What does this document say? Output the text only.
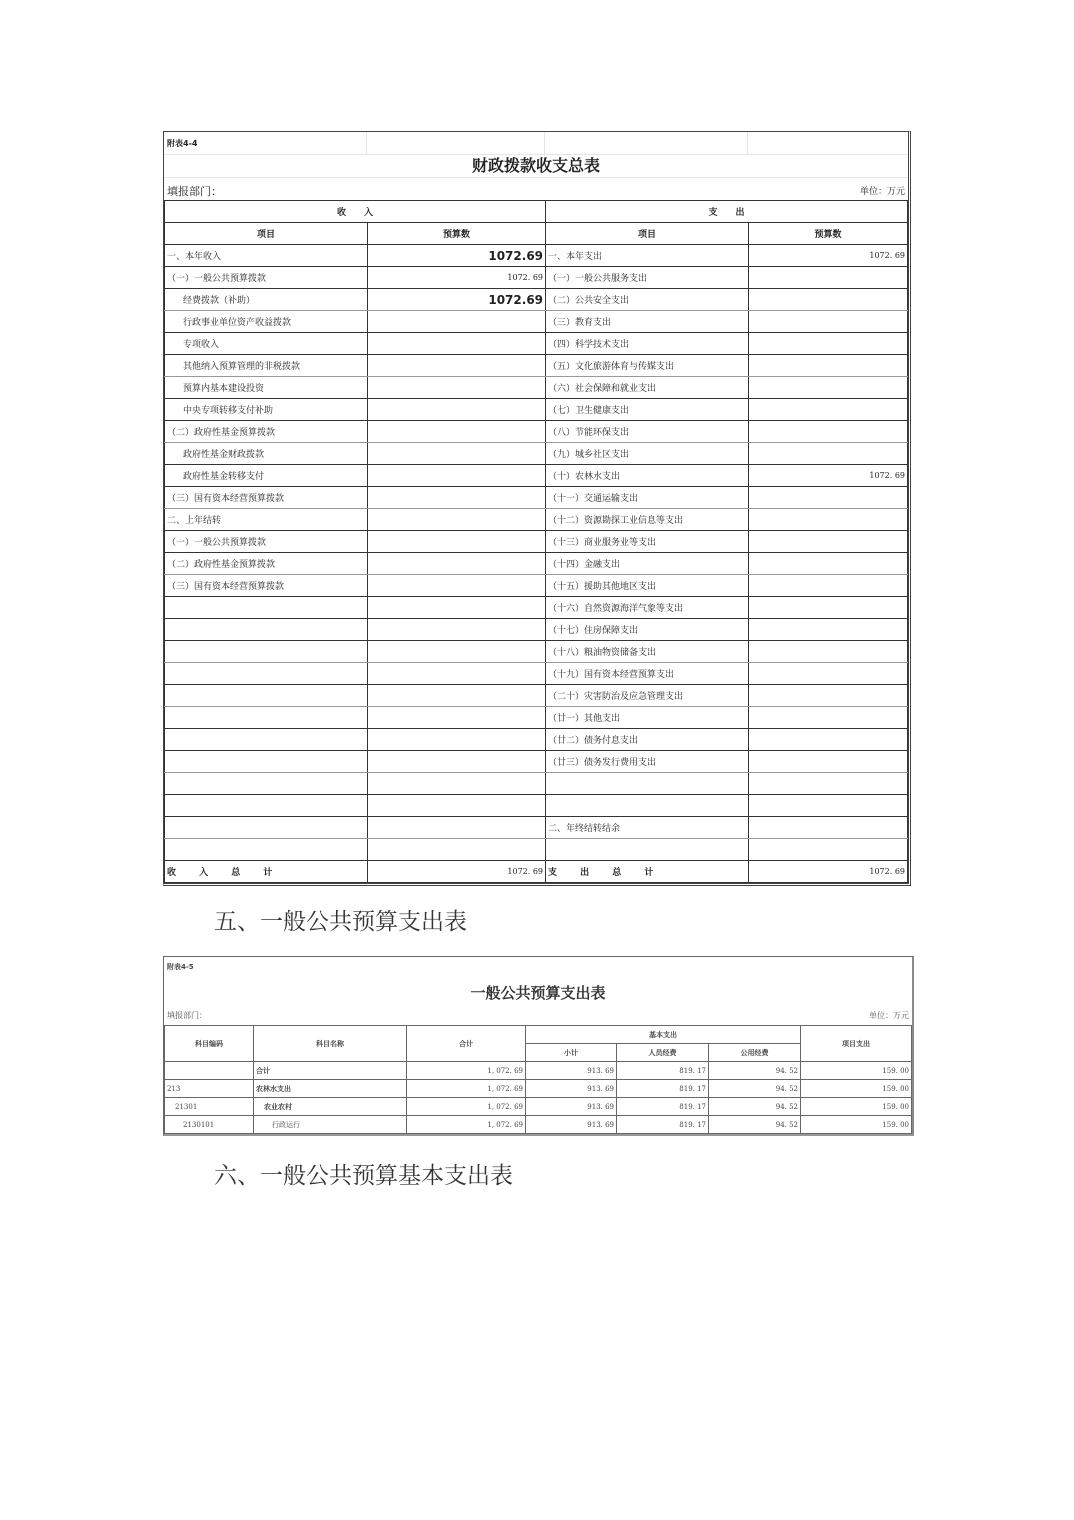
附表4-4
财政拨款收支总表
填报部门：	单位：万元
收　　入		支　　出	
项目	预算数	项目	预算数
一、本年收入	1072.69	一、本年支出	1072. 69
（一）一般公共预算拨款	1072. 69	（一）一般公共服务支出	
经费拨款（补助）	1072.69	（二）公共安全支出	
行政事业单位资产收益拨款		（三）教育支出	
专项收入		（四）科学技术支出	
其他纳入预算管理的非税拨款		（五）文化旅游体育与传媒支出	
预算内基本建设投资		（六）社会保障和就业支出	
中央专项转移支付补助		（七）卫生健康支出	
（二）政府性基金预算拨款		（八）节能环保支出	
政府性基金财政拨款		（九）城乡社区支出	
政府性基金转移支付		（十）农林水支出	1072. 69
（三）国有资本经营预算拨款		（十一）交通运输支出	
二、上年结转		（十二）资源勘探工业信息等支出	
（一）一般公共预算拨款		（十三）商业服务业等支出	
（二）政府性基金预算拨款		（十四）金融支出	
（三）国有资本经营预算拨款		（十五）援助其他地区支出	
		（十六）自然资源海洋气象等支出	
		（十七）住房保障支出	
		（十八）粮油物资储备支出	
		（十九）国有资本经营预算支出	
		（二十）灾害防治及应急管理支出	
		（廿一）其他支出	
		（廿二）债务付息支出	
		（廿三）债务发行费用支出	

		二、年终结转结余	

收 入 总 计	1072. 69	支 出 总 计	1072. 69
五、一般公共预算支出表
附表4-5
一般公共预算支出表
填报部门：	单位：万元
科目编码	科目名称	合计	基本支出			项目支出
			小计	人员经费	公用经费	
	合计	1, 072. 69	913. 69	819. 17	94. 52	159. 00
213	农林水支出	1, 072. 69	913. 69	819. 17	94. 52	159. 00
21301	农业农村	1, 072. 69	913. 69	819. 17	94. 52	159. 00
2130101	行政运行	1, 072. 69	913. 69	819. 17	94. 52	159. 00
六、一般公共预算基本支出表
